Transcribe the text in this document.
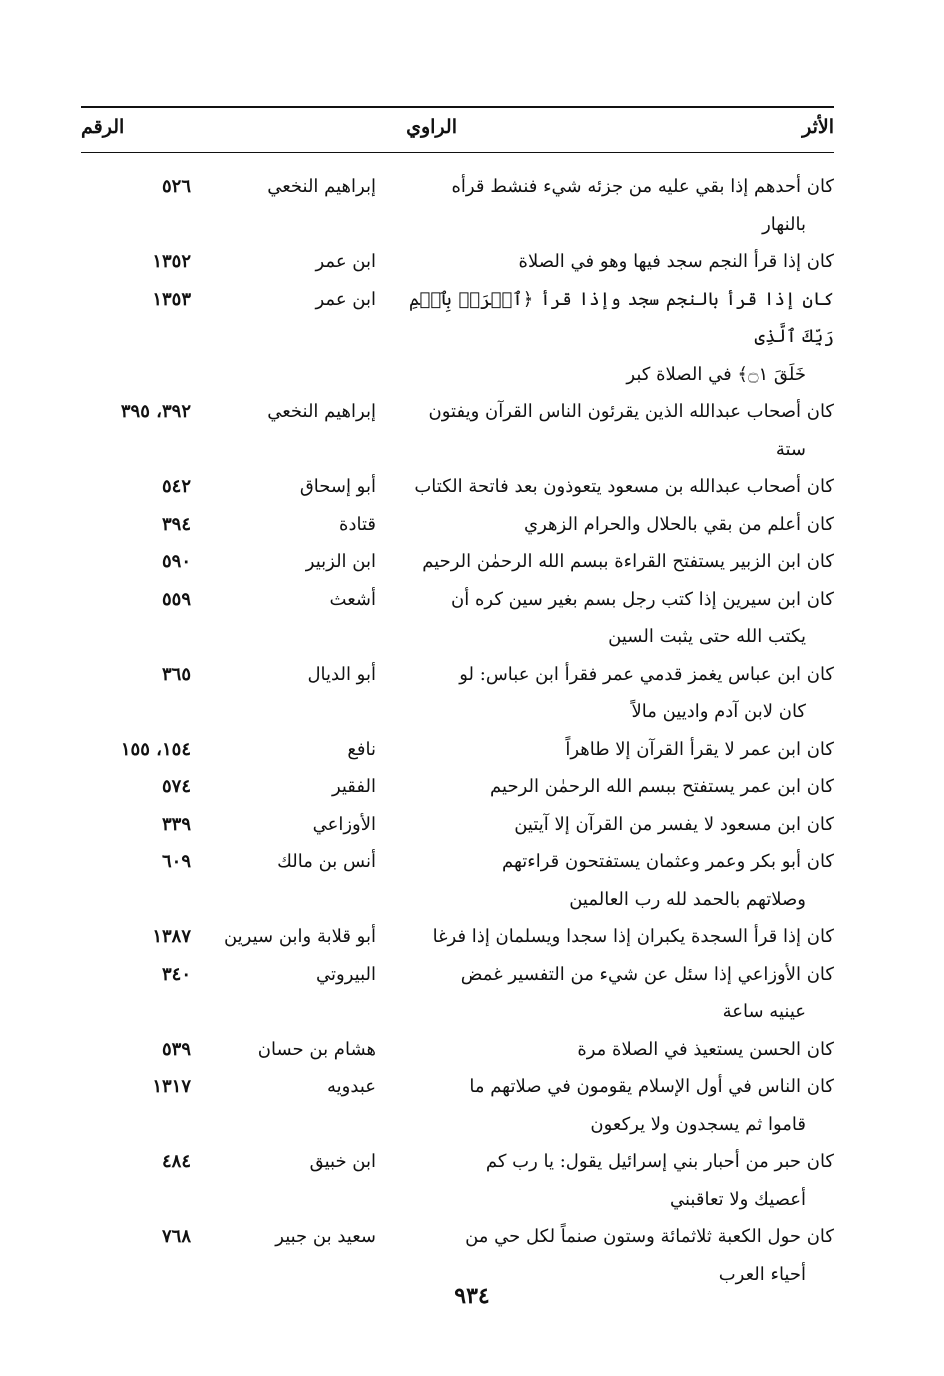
الأثر
الراوي
الرقم
كان أحدهم إذا بقي عليه من جزئه شيء فنشط قرأه
بالنهار
إبراهيم النخعي
٥٢٦
كان إذا قرأ النجم سجد فيها وهو في الصلاة
ابن عمر
١٣٥٢
كان إذا قرأ بالنجم سجد وإذا قرأ ﴿ٱقۡرَأۡ بِٱسۡمِ رَبِّكَ ٱلَّذِى
خَلَقَ ۝١﴾ في الصلاة كبر
ابن عمر
١٣٥٣
كان أصحاب عبدالله الذين يقرئون الناس القرآن ويفتون
ستة
إبراهيم النخعي
٣٩٢، ٣٩٥
كان أصحاب عبدالله بن مسعود يتعوذون بعد فاتحة الكتاب
أبو إسحاق
٥٤٢
كان أعلم من بقي بالحلال والحرام الزهري
قتادة
٣٩٤
كان ابن الزبير يستفتح القراءة ببسم الله الرحمٰن الرحيم
ابن الزبير
٥٩٠
كان ابن سيرين إذا كتب رجل بسم بغير سين كره أن
يكتب الله حتى يثبت السين
أشعث
٥٥٩
كان ابن عباس يغمز قدمي عمر فقرأ ابن عباس: لو
كان لابن آدم واديين مالاً
أبو الديال
٣٦٥
كان ابن عمر لا يقرأ القرآن إلا طاهراً
نافع
١٥٤، ١٥٥
كان ابن عمر يستفتح ببسم الله الرحمٰن الرحيم
الفقير
٥٧٤
كان ابن مسعود لا يفسر من القرآن إلا آيتين
الأوزاعي
٣٣٩
كان أبو بكر وعمر وعثمان يستفتحون قراءتهم
وصلاتهم بالحمد لله رب العالمين
أنس بن مالك
٦٠٩
كان إذا قرأ السجدة يكبران إذا سجدا ويسلمان إذا فرغا
أبو قلابة وابن سيرين
١٣٨٧
كان الأوزاعي إذا سئل عن شيء من التفسير غمض
عينيه ساعة
البيروتي
٣٤٠
كان الحسن يستعيذ في الصلاة مرة
هشام بن حسان
٥٣٩
كان الناس في أول الإسلام يقومون في صلاتهم ما
قاموا ثم يسجدون ولا يركعون
عبدويه
١٣١٧
كان حبر من أحبار بني إسرائيل يقول: يا رب كم
أعصيك ولا تعاقبني
ابن خبيق
٤٨٤
كان حول الكعبة ثلاثمائة وستون صنماً لكل حي من
أحياء العرب
سعيد بن جبير
٧٦٨
٩٣٤
